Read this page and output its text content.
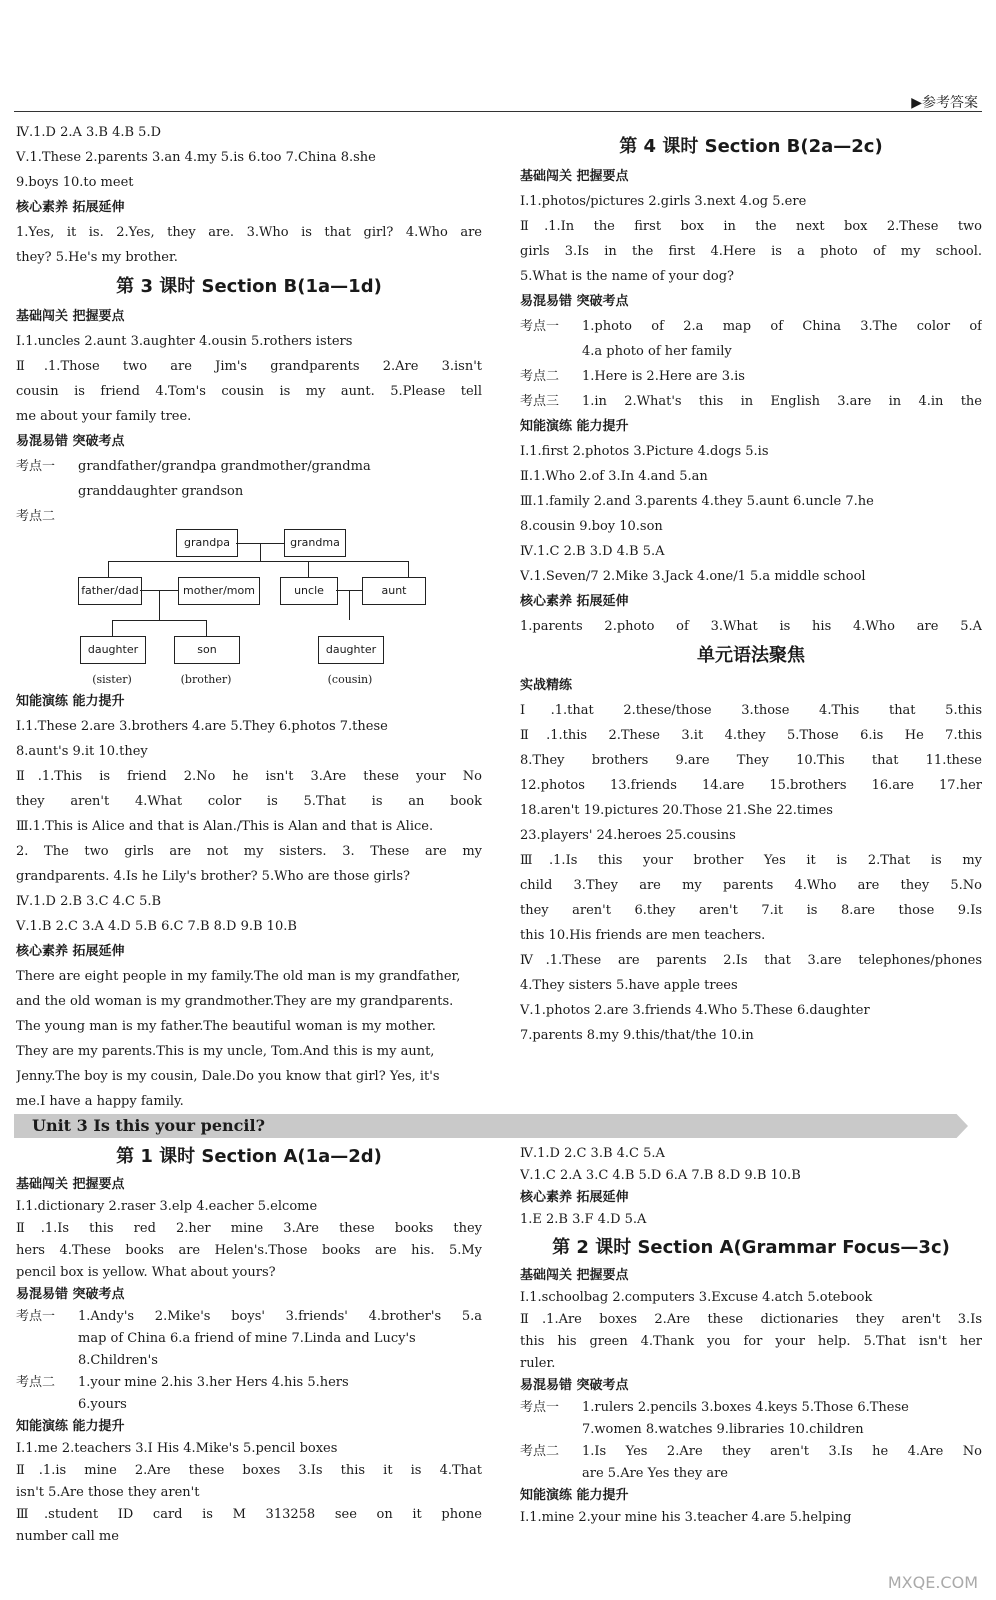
▶参考答案
Ⅳ.1.D 2.A 3.B 4.B 5.D
Ⅴ.1.These 2.parents 3.an 4.my 5.is 6.too 7.China 8.she
9.boys 10.to meet
核心素养 拓展延伸
1.Yes, it is. 2.Yes, they are. 3.Who is that girl? 4.Who are
they? 5.He's my brother.
第 3 课时 Section B(1a—1d)
基础闯关 把握要点
Ⅰ.1.uncles 2.aunt 3.aughter 4.ousin 5.rothers isters
Ⅱ.1.Those two are Jim's grandparents 2.Are 3.isn't
cousin is friend 4.Tom's cousin is my aunt. 5.Please tell
me about your family tree.
易混易错 突破考点
考点一	grandfather/grandpa grandmother/grandma
granddaughter grandson
考点二
grandpa	grandma
father/dad	mother/mom	uncle	aunt
daughter	son	daughter
(sister)	(brother)	(cousin)
知能演练 能力提升
Ⅰ.1.These 2.are 3.brothers 4.are 5.They 6.photos 7.these
8.aunt's 9.it 10.they
Ⅱ.1.This is friend 2.No he isn't 3.Are these your No
they aren't 4.What color is 5.That is an book
Ⅲ.1.This is Alice and that is Alan./This is Alan and that is Alice.
2. The two girls are not my sisters. 3. These are my
grandparents. 4.Is he Lily's brother? 5.Who are those girls?
Ⅳ.1.D 2.B 3.C 4.C 5.B
Ⅴ.1.B 2.C 3.A 4.D 5.B 6.C 7.B 8.D 9.B 10.B
核心素养 拓展延伸
There are eight people in my family.The old man is my grandfather,
and the old woman is my grandmother.They are my grandparents.
The young man is my father.The beautiful woman is my mother.
They are my parents.This is my uncle, Tom.And this is my aunt,
Jenny.The boy is my cousin, Dale.Do you know that girl? Yes, it's
me.I have a happy family.
第 4 课时 Section B(2a—2c)
基础闯关 把握要点
Ⅰ.1.photos/pictures 2.girls 3.next 4.og 5.ere
Ⅱ.1.In the first box in the next box 2.These two
girls 3.Is in the first 4.Here is a photo of my school.
5.What is the name of your dog?
易混易错 突破考点
考点一	1.photo of 2.a map of China 3.The color of
4.a photo of her family
考点二	1.Here is 2.Here are 3.is
考点三	1.in 2.What's this in English 3.are in 4.in the
知能演练 能力提升
Ⅰ.1.first 2.photos 3.Picture 4.dogs 5.is
Ⅱ.1.Who 2.of 3.In 4.and 5.an
Ⅲ.1.family 2.and 3.parents 4.they 5.aunt 6.uncle 7.he
8.cousin 9.boy 10.son
Ⅳ.1.C 2.B 3.D 4.B 5.A
Ⅴ.1.Seven/7 2.Mike 3.Jack 4.one/1 5.a middle school
核心素养 拓展延伸
1.parents 2.photo of 3.What is his 4.Who are 5.A
单元语法聚焦
实战精练
Ⅰ.1.that 2.these/those 3.those 4.This that 5.this
Ⅱ.1.this 2.These 3.it 4.they 5.Those 6.is He 7.this
8.They brothers 9.are They 10.This that 11.these
12.photos 13.friends 14.are 15.brothers 16.are 17.her
18.aren't 19.pictures 20.Those 21.She 22.times
23.players' 24.heroes 25.cousins
Ⅲ.1.Is this your brother Yes it is 2.That is my
child 3.They are my parents 4.Who are they 5.No
they aren't 6.they aren't 7.it is 8.are those 9.Is
this 10.His friends are men teachers.
Ⅳ.1.These are parents 2.Is that 3.are telephones/phones
4.They sisters 5.have apple trees
Ⅴ.1.photos 2.are 3.friends 4.Who 5.These 6.daughter
7.parents 8.my 9.this/that/the 10.in
Unit 3 Is this your pencil?
第 1 课时 Section A(1a—2d)
基础闯关 把握要点
Ⅰ.1.dictionary 2.raser 3.elp 4.eacher 5.elcome
Ⅱ.1.Is this red 2.her mine 3.Are these books they
hers 4.These books are Helen's.Those books are his. 5.My
pencil box is yellow. What about yours?
易混易错 突破考点
考点一	1.Andy's 2.Mike's boys' 3.friends' 4.brother's 5.a
map of China 6.a friend of mine 7.Linda and Lucy's
8.Children's
考点二	1.your mine 2.his 3.her Hers 4.his 5.hers
6.yours
知能演练 能力提升
Ⅰ.1.me 2.teachers 3.I His 4.Mike's 5.pencil boxes
Ⅱ.1.is mine 2.Are these boxes 3.Is this it is 4.That
isn't 5.Are those they aren't
Ⅲ.student ID card is M 313258 see on it phone
number call me
Ⅳ.1.D 2.C 3.B 4.C 5.A
Ⅴ.1.C 2.A 3.C 4.B 5.D 6.A 7.B 8.D 9.B 10.B
核心素养 拓展延伸
1.E 2.B 3.F 4.D 5.A
第 2 课时 Section A(Grammar Focus—3c)
基础闯关 把握要点
Ⅰ.1.schoolbag 2.computers 3.Excuse 4.atch 5.otebook
Ⅱ.1.Are boxes 2.Are these dictionaries they aren't 3.Is
this his green 4.Thank you for your help. 5.That isn't her
ruler.
易混易错 突破考点
考点一	1.rulers 2.pencils 3.boxes 4.keys 5.Those 6.These
7.women 8.watches 9.libraries 10.children
考点二	1.Is Yes 2.Are they aren't 3.Is he 4.Are No
are 5.Are Yes they are
知能演练 能力提升
Ⅰ.1.mine 2.your mine his 3.teacher 4.are 5.helping
MXQE.COM
